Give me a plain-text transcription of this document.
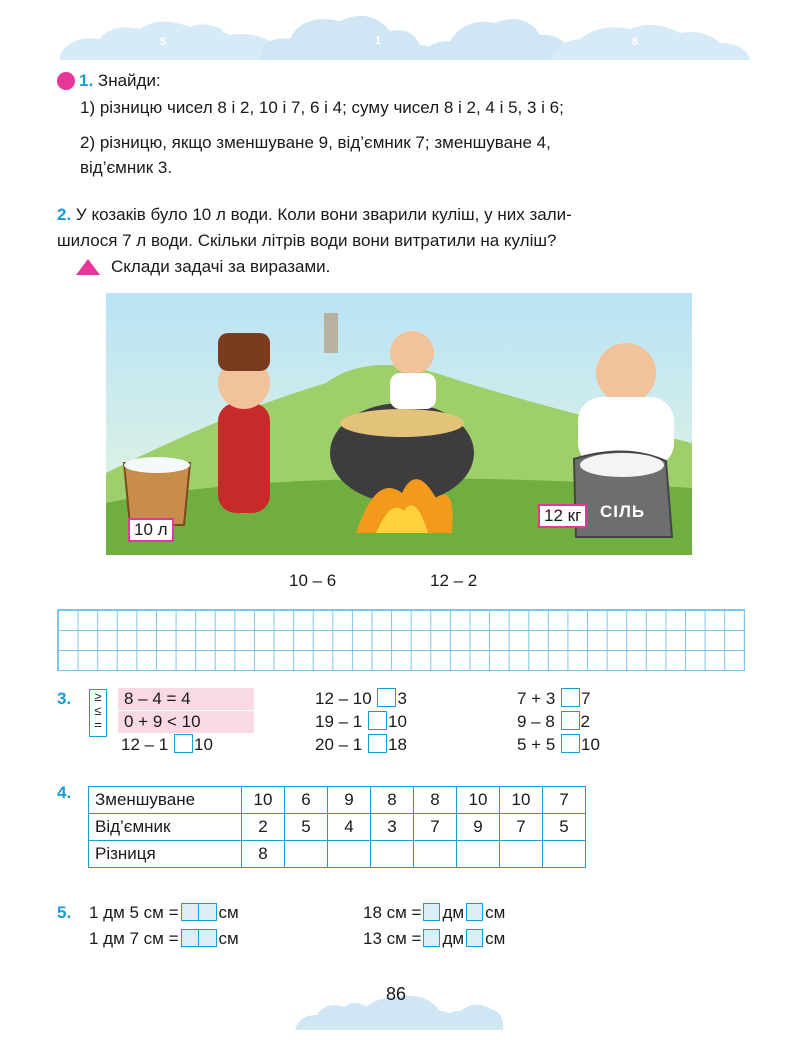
7
5
3
1
0
2
4
6
8
1. Знайди:
1) різницю чисел 8 і 2, 10 і 7, 6 і 4; суму чисел 8 і 2, 4 і 5, 3 і 6;
2) різницю, якщо зменшуване 9, від’ємник 7; зменшуване 4,
від’ємник 3.
2. У козаків було 10 л води. Коли вони зварили куліш, у них зали-
шилося 7 л води. Скільки літрів води вони витратили на куліш?
Склади задачі за виразами.
10 л
12 кг	СІЛЬ
10 – 6	12 – 2
3.	≥
≤
=
8 – 4 = 4
0 + 9 < 10
12 – 1 10
12 – 10 3
19 – 1 10
20 – 1 18
7 + 3 7
9 – 8 2
5 + 5 10
4. Зменшуване	10	6	9	8	8	10	10	7
Від’ємник	2	5	4	3	7	9	7	5
Різниця	8							
5. 1 дм 5 см = см
1 дм 7 см = см
18 см = дм см
13 см = дм см
86
